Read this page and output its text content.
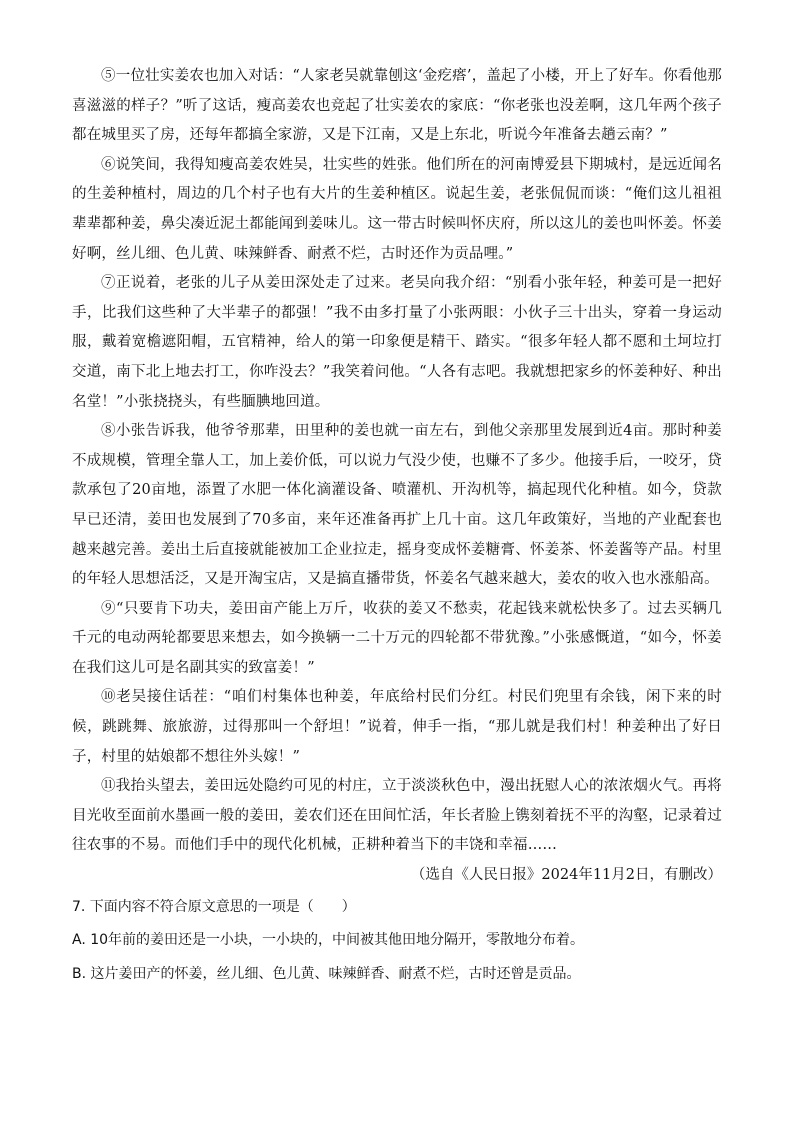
⑤一位壮实姜农也加入对话：“人家老吴就靠刨这‘金疙瘩’，盖起了小楼，开上了好车。你看他那喜滋滋的样子？”听了这话，瘦高姜农也竞起了壮实姜农的家底：“你老张也没差啊，这几年两个孩子都在城里买了房，还每年都搞全家游，又是下江南，又是上东北，听说今年准备去趟云南？”

⑥说笑间，我得知瘦高姜农姓吴，壮实些的姓张。他们所在的河南博爱县下期城村，是远近闻名的生姜种植村，周边的几个村子也有大片的生姜种植区。说起生姜，老张侃侃而谈：“俺们这儿祖祖辈辈都种姜，鼻尖凑近泥土都能闻到姜味儿。这一带古时候叫怀庆府，所以这儿的姜也叫怀姜。怀姜好啊，丝儿细、色儿黄、味辣鲜香、耐煮不烂，古时还作为贡品哩。”

⑦正说着，老张的儿子从姜田深处走了过来。老吴向我介绍：“别看小张年轻，种姜可是一把好手，比我们这些种了大半辈子的都强！”我不由多打量了小张两眼：小伙子三十出头，穿着一身运动服，戴着宽檐遮阳帽，五官精神，给人的第一印象便是精干、踏实。“很多年轻人都不愿和土坷垃打交道，南下北上地去打工，你咋没去？”我笑着问他。“人各有志吧。我就想把家乡的怀姜种好、种出名堂！”小张挠挠头，有些腼腆地回道。

⑧小张告诉我，他爷爷那辈，田里种的姜也就一亩左右，到他父亲那里发展到近4亩。那时种姜不成规模，管理全靠人工，加上姜价低，可以说力气没少使，也赚不了多少。他接手后，一咬牙，贷款承包了20亩地，添置了水肥一体化滴灌设备、喷灌机、开沟机等，搞起现代化种植。如今，贷款早已还清，姜田也发展到了70多亩，来年还准备再扩上几十亩。这几年政策好，当地的产业配套也越来越完善。姜出土后直接就能被加工企业拉走，摇身变成怀姜糖膏、怀姜茶、怀姜酱等产品。村里的年轻人思想活泛，又是开淘宝店，又是搞直播带货，怀姜名气越来越大，姜农的收入也水涨船高。

⑨“只要肯下功夫，姜田亩产能上万斤，收获的姜又不愁卖，花起钱来就松快多了。过去买辆几千元的电动两轮都要思来想去，如今换辆一二十万元的四轮都不带犹豫。”小张感慨道，“如今，怀姜在我们这儿可是名副其实的致富姜！”

⑩老吴接住话茬：“咱们村集体也种姜，年底给村民们分红。村民们兜里有余钱，闲下来的时候，跳跳舞、旅旅游，过得那叫一个舒坦！”说着，伸手一指，“那儿就是我们村！种姜种出了好日子，村里的姑娘都不想往外头嫁！”

⑪我抬头望去，姜田远处隐约可见的村庄，立于淡淡秋色中，漫出抚慰人心的浓浓烟火气。再将目光收至面前水墨画一般的姜田，姜农们还在田间忙活，年长者脸上镌刻着抚不平的沟壑，记录着过往农事的不易。而他们手中的现代化机械，正耕种着当下的丰饶和幸福……

（选自《人民日报》2024年11月2日，有删改）

7. 下面内容不符合原文意思的一项是（　　）

A. 10年前的姜田还是一小块，一小块的，中间被其他田地分隔开，零散地分布着。

B. 这片姜田产的怀姜，丝儿细、色儿黄、味辣鲜香、耐煮不烂，古时还曾是贡品。
